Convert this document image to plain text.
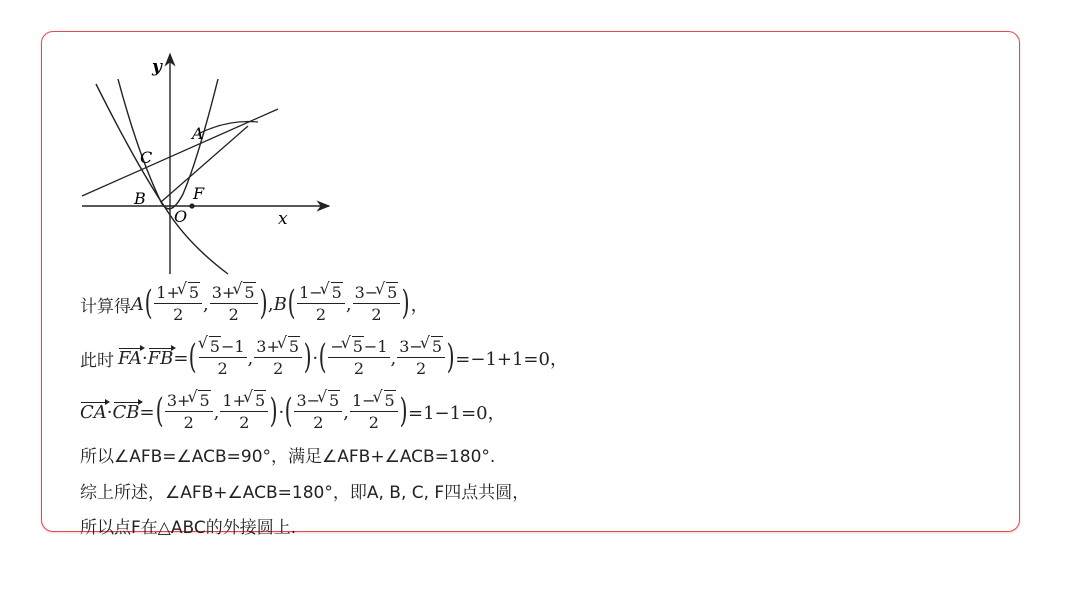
y
x
A
C
B	F
O
计算得 A ( $\frac{1+ √ 5}{2}$ , $\frac{3+ √ 5}{2}$ ) , B ( $\frac{1- √ 5}{2}$ , $\frac{3- √ 5}{2}$ ) ，
此时 FA · FB = ( √ $\frac{5-1}{2}$ , $\frac{3+ √ 5}{2}$ ) · ( $\frac{- √ 5-1}{2}$ , $\frac{3- √ 5}{2}$ ) =−1+1=0，
CA · CB = ( $\frac{3+ √ 5}{2}$ , $\frac{1+ √ 5}{2}$ ) · ( $\frac{3- √ 5}{2}$ , $\frac{1- √ 5}{2}$ ) =1−1=0，
所以∠AFB=∠ACB=90°，满足∠AFB+∠ACB=180°.
综上所述，∠AFB+∠ACB=180°，即A, B, C, F四点共圆，
所以点F在△ABC的外接圆上.
